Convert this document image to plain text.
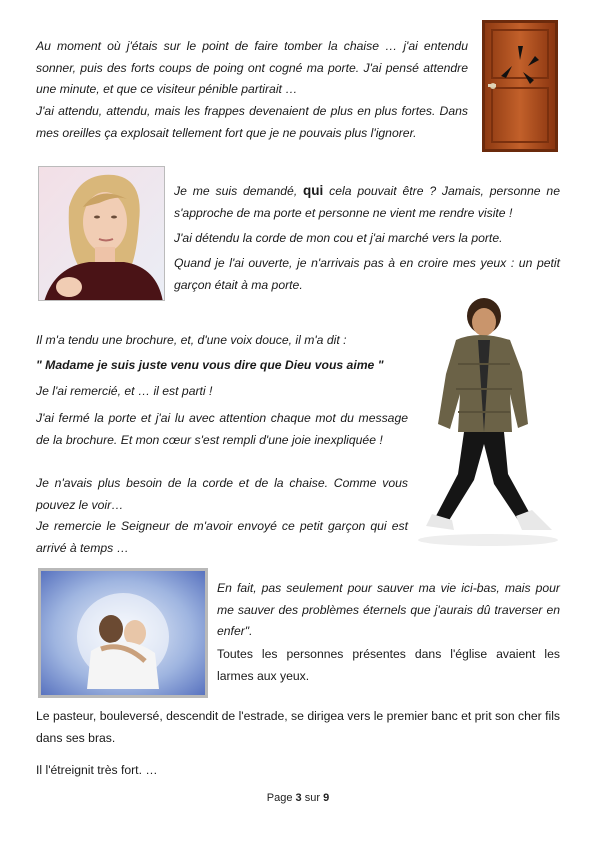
Au moment où j'étais sur le point de faire tomber la chaise … j'ai entendu sonner, puis des forts coups de poing ont cogné ma porte. J'ai pensé attendre une minute, et que ce visiteur pénible partirait …

J'ai attendu, attendu, mais les frappes devenaient de plus en plus fortes. Dans mes oreilles ça explosait tellement fort que je ne pouvais plus l'ignorer.

Je me suis demandé, qui cela pouvait être ? Jamais, personne ne s'approche de ma porte et personne ne vient me rendre visite !

J'ai détendu la corde de mon cou et j'ai marché vers la porte.

Quand je l'ai ouverte, je n'arrivais pas à en croire mes yeux : un petit garçon était à ma porte.

Il m'a tendu une brochure, et, d'une voix douce, il m'a dit :

" Madame je suis juste venu vous dire que Dieu vous aime "

Je l'ai remercié, et … il est parti !

J'ai fermé la porte et j'ai lu avec attention chaque mot du message de la brochure. Et mon cœur s'est rempli d'une joie inexpliquée !

Je n'avais plus besoin de la corde et de la chaise. Comme vous pouvez le voir…

Je remercie le Seigneur de m'avoir envoyé ce petit garçon qui est arrivé à temps …

En fait, pas seulement pour sauver ma vie ici-bas, mais pour me sauver des problèmes éternels que j'aurais dû traverser en enfer".

Toutes les personnes présentes dans l'église avaient les larmes aux yeux.

Le pasteur, bouleversé, descendit de l'estrade, se dirigea vers le premier banc et prit son cher fils dans ses bras.

Il l'étreignit très fort. …

Page 3 sur 9
